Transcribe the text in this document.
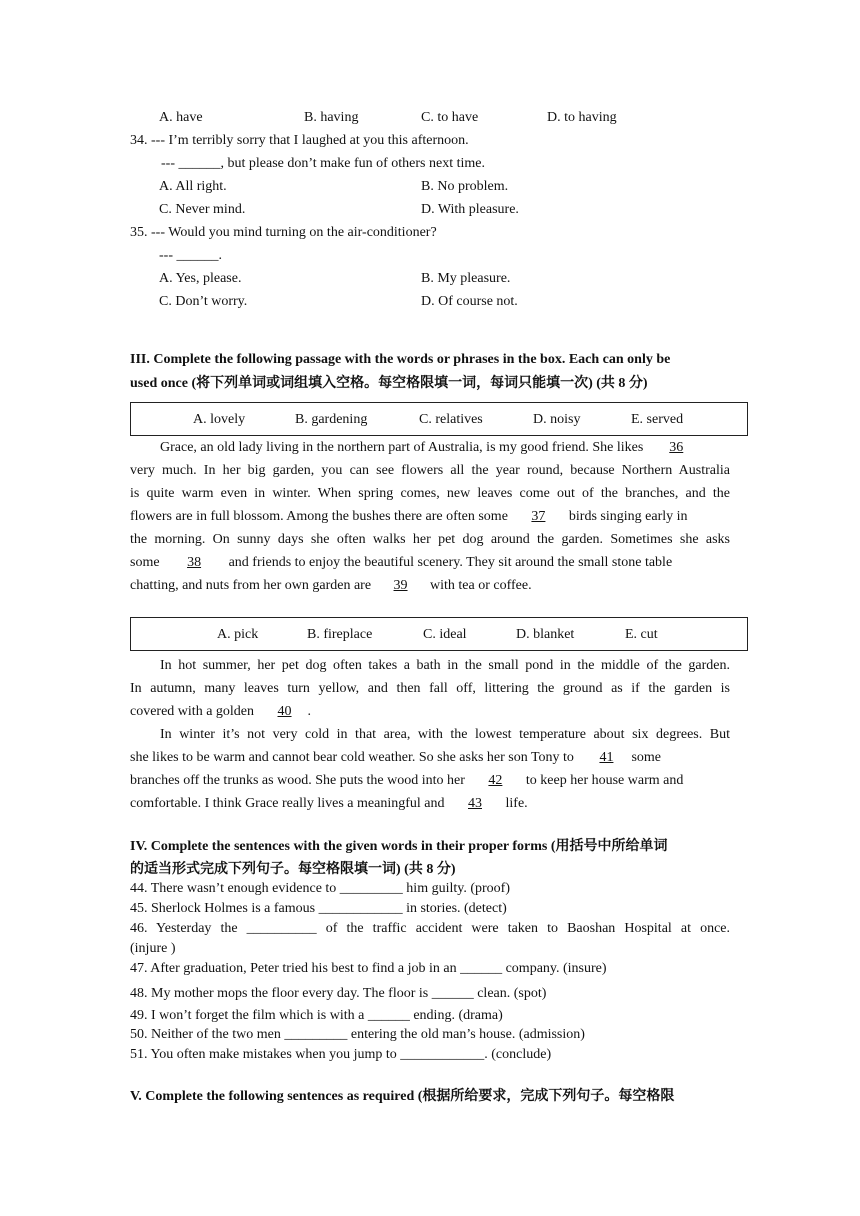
A. have	B. having	C. to have	D. to having
34. --- I’m terribly sorry that I laughed at you this afternoon.
--- ______, but please don’t make fun of others next time.
A. All right.	B. No problem.
C. Never mind.	D. With pleasure.
35. --- Would you mind turning on the air-conditioner?
--- ______.
A. Yes, please.	B. My pleasure.
C. Don’t worry.	D. Of course not.
III. Complete the following passage with the words or phrases in the box. Each can only be
used once (将下列单词或词组填入空格。每空格限填一词，每词只能填一次) (共 8 分)
A. lovely	B. gardening	C. relatives	D. noisy	E. served
Grace, an old lady living in the northern part of Australia, is my good friend. She likes 36
very much. In her big garden, you can see flowers all the year round, because Northern Australia
is quite warm even in winter. When spring comes, new leaves come out of the branches, and the
flowers are in full blossom. Among the bushes there are often some 37 birds singing early in
the morning. On sunny days she often walks her pet dog around the garden. Sometimes she asks
some 38 and friends to enjoy the beautiful scenery. They sit around the small stone table
chatting, and nuts from her own garden are 39 with tea or coffee.
A. pick	B. fireplace	C. ideal	D. blanket	E. cut
In hot summer, her pet dog often takes a bath in the small pond in the middle of the garden.
In autumn, many leaves turn yellow, and then fall off, littering the ground as if the garden is
covered with a golden 40 .
In winter it’s not very cold in that area, with the lowest temperature about six degrees. But
she likes to be warm and cannot bear cold weather. So she asks her son Tony to 41 some
branches off the trunks as wood. She puts the wood into her 42 to keep her house warm and
comfortable. I think Grace really lives a meaningful and 43 life.
IV. Complete the sentences with the given words in their proper forms (用括号中所给单词
的适当形式完成下列句子。每空格限填一词) (共 8 分)
44. There wasn’t enough evidence to _________ him guilty. (proof)
45. Sherlock Holmes is a famous ____________ in stories. (detect)
46. Yesterday the __________ of the traffic accident were taken to Baoshan Hospital at once.
(injure )
47. After graduation, Peter tried his best to find a job in an ______ company. (insure)
48. My mother mops the floor every day. The floor is ______ clean. (spot)
49. I won’t forget the film which is with a ______ ending. (drama)
50. Neither of the two men _________ entering the old man’s house. (admission)
51. You often make mistakes when you jump to ____________. (conclude)
V. Complete the following sentences as required (根据所给要求，完成下列句子。每空格限
